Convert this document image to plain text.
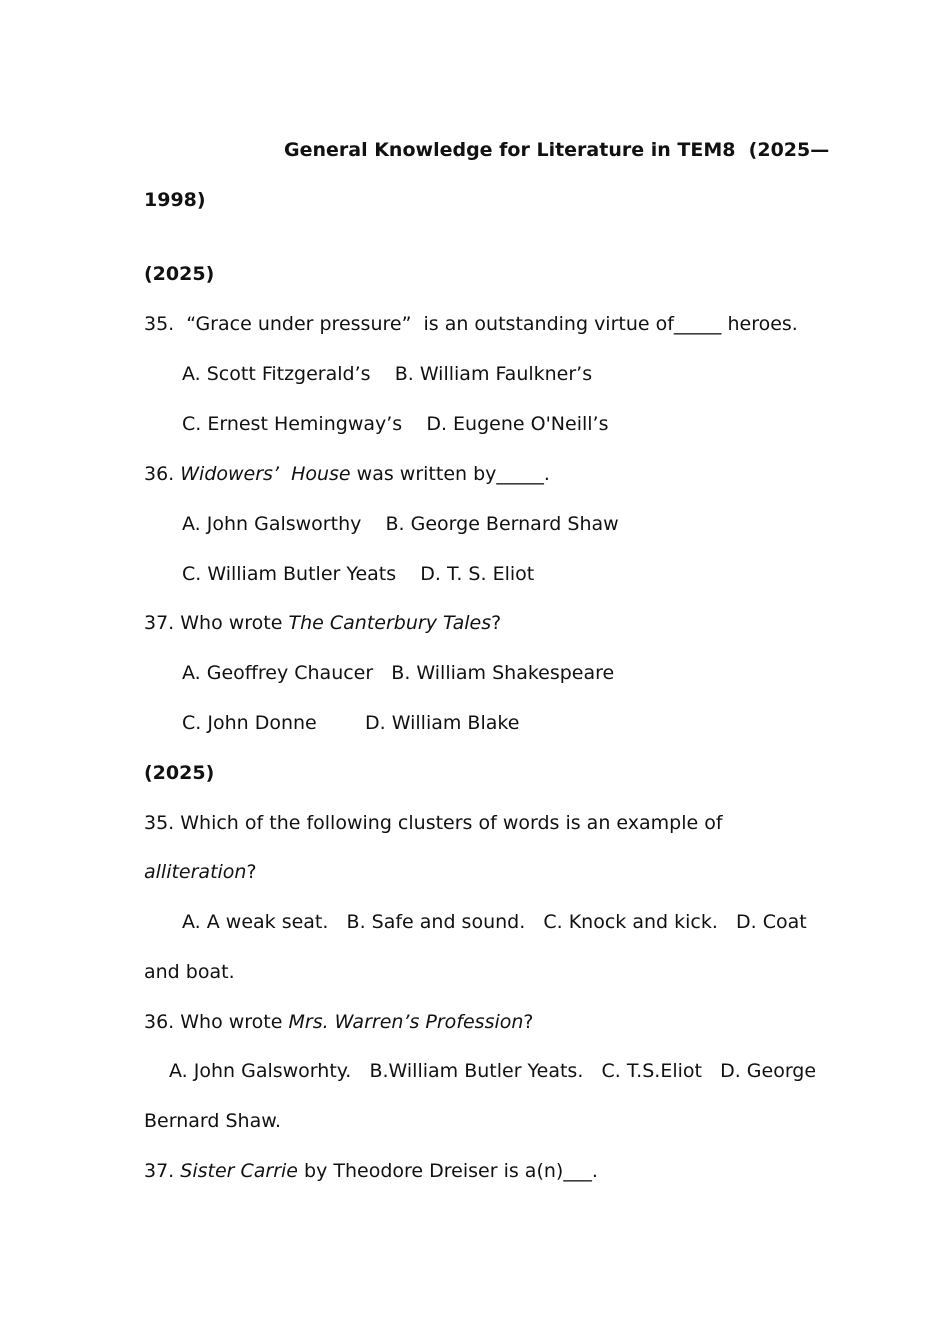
General Knowledge for Literature in TEM8  (2025—
1998)
(2025)
35.  “Grace under pressure”  is an outstanding virtue of_____ heroes.
A. Scott Fitzgerald’s    B. William Faulkner’s
C. Ernest Hemingway’s    D. Eugene O'Neill’s
36. Widowers’  House was written by_____.
A. John Galsworthy    B. George Bernard Shaw
C. William Butler Yeats    D. T. S. Eliot
37. Who wrote The Canterbury Tales?
A. Geoffrey Chaucer   B. William Shakespeare
C. John Donne        D. William Blake
(2025)
35. Which of the following clusters of words is an example of
alliteration?
A. A weak seat.   B. Safe and sound.   C. Knock and kick.   D. Coat
and boat.
36. Who wrote Mrs. Warren’s Profession?
A. John Galsworhty.   B.William Butler Yeats.   C. T.S.Eliot   D. George
Bernard Shaw.
37. Sister Carrie by Theodore Dreiser is a(n)___.
